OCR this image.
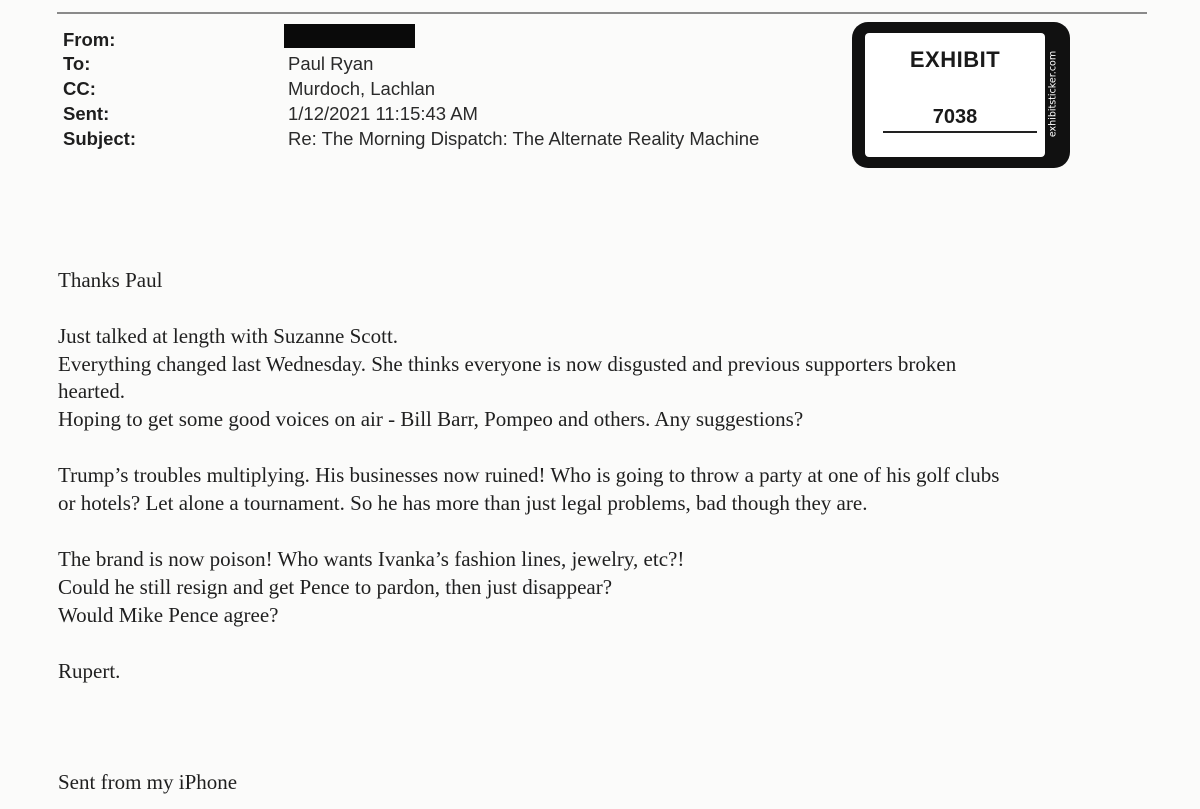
From:
To:
CC:
Sent:
Subject:
Paul Ryan
Murdoch, Lachlan
1/12/2021 11:15:43 AM
Re: The Morning Dispatch: The Alternate Reality Machine
EXHIBIT
7038	exhibitsticker.com
Thanks Paul
Just talked at length with Suzanne Scott.
Everything changed last Wednesday. She thinks everyone is now disgusted and previous supporters broken
hearted.
Hoping to get some good voices on air - Bill Barr, Pompeo and others. Any suggestions?
Trump’s troubles multiplying. His businesses now ruined! Who is going to throw a party at one of his golf clubs
or hotels? Let alone a tournament. So he has more than just legal problems, bad though they are.
The brand is now poison! Who wants Ivanka’s fashion lines, jewelry, etc?!
Could he still resign and get Pence to pardon, then just disappear?
Would Mike Pence agree?
Rupert.
Sent from my iPhone
